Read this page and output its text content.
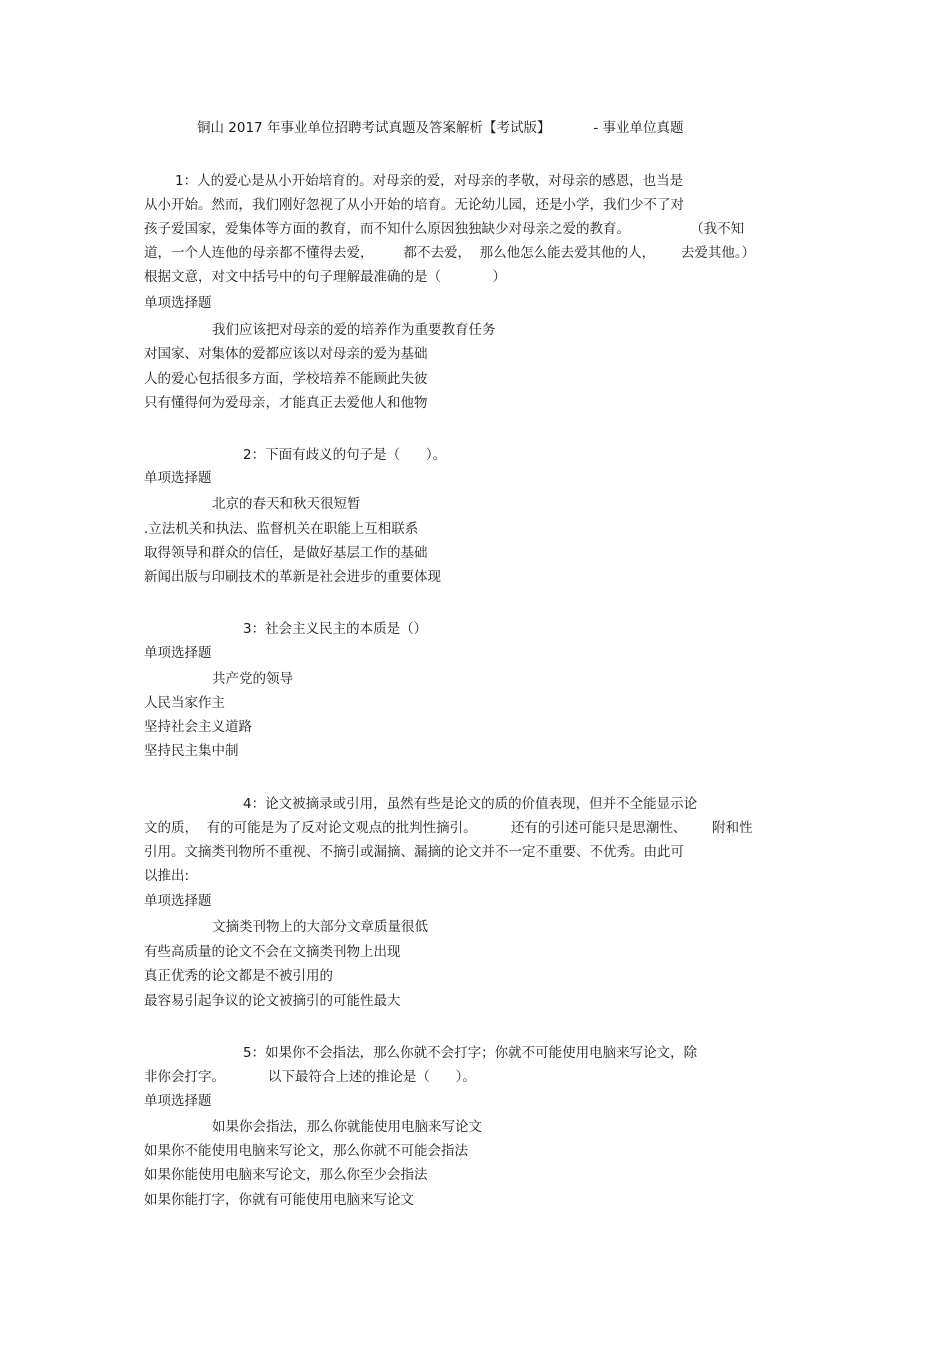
铜山 2017 年事业单位招聘考试真题及答案解析【考试版】          - 事业单位真题
1：人的爱心是从小开始培育的。对母亲的爱，对母亲的孝敬，对母亲的感恩，也当是
从小开始。然而，我们刚好忽视了从小开始的培育。无论幼儿园，还是小学，我们少不了对
孩子爱国家，爱集体等方面的教育，而不知什么原因独独缺少对母亲之爱的教育。              （我不知
道，一个人连他的母亲都不懂得去爱，       都不去爱，  那么他怎么能去爱其他的人，      去爱其他。）
根据文意，对文中括号中的句子理解最准确的是（            ）
单项选择题
我们应该把对母亲的爱的培养作为重要教育任务
对国家、对集体的爱都应该以对母亲的爱为基础
人的爱心包括很多方面，学校培养不能顾此失彼
只有懂得何为爱母亲，才能真正去爱他人和他物
2：下面有歧义的句子是（      ）。
单项选择题
北京的春天和秋天很短暂
.立法机关和执法、监督机关在职能上互相联系
取得领导和群众的信任，是做好基层工作的基础
新闻出版与印刷技术的革新是社会进步的重要体现
3：社会主义民主的本质是（）
单项选择题
共产党的领导
人民当家作主
坚持社会主义道路
坚持民主集中制
4：论文被摘录或引用，虽然有些是论文的质的价值表现，但并不全能显示论
文的质，  有的可能是为了反对论文观点的批判性摘引。        还有的引述可能只是思潮性、      附和性
引用。文摘类刊物所不重视、不摘引或漏摘、漏摘的论文并不一定不重要、不优秀。由此可
以推出:
单项选择题
文摘类刊物上的大部分文章质量很低
有些高质量的论文不会在文摘类刊物上出现
真正优秀的论文都是不被引用的
最容易引起争议的论文被摘引的可能性最大
5：如果你不会指法，那么你就不会打字；你就不可能使用电脑来写论文，除
非你会打字。          以下最符合上述的推论是（      ）。
单项选择题
如果你会指法，那么你就能使用电脑来写论文
如果你不能使用电脑来写论文，那么你就不可能会指法
如果你能使用电脑来写论文，那么你至少会指法
如果你能打字，你就有可能使用电脑来写论文
